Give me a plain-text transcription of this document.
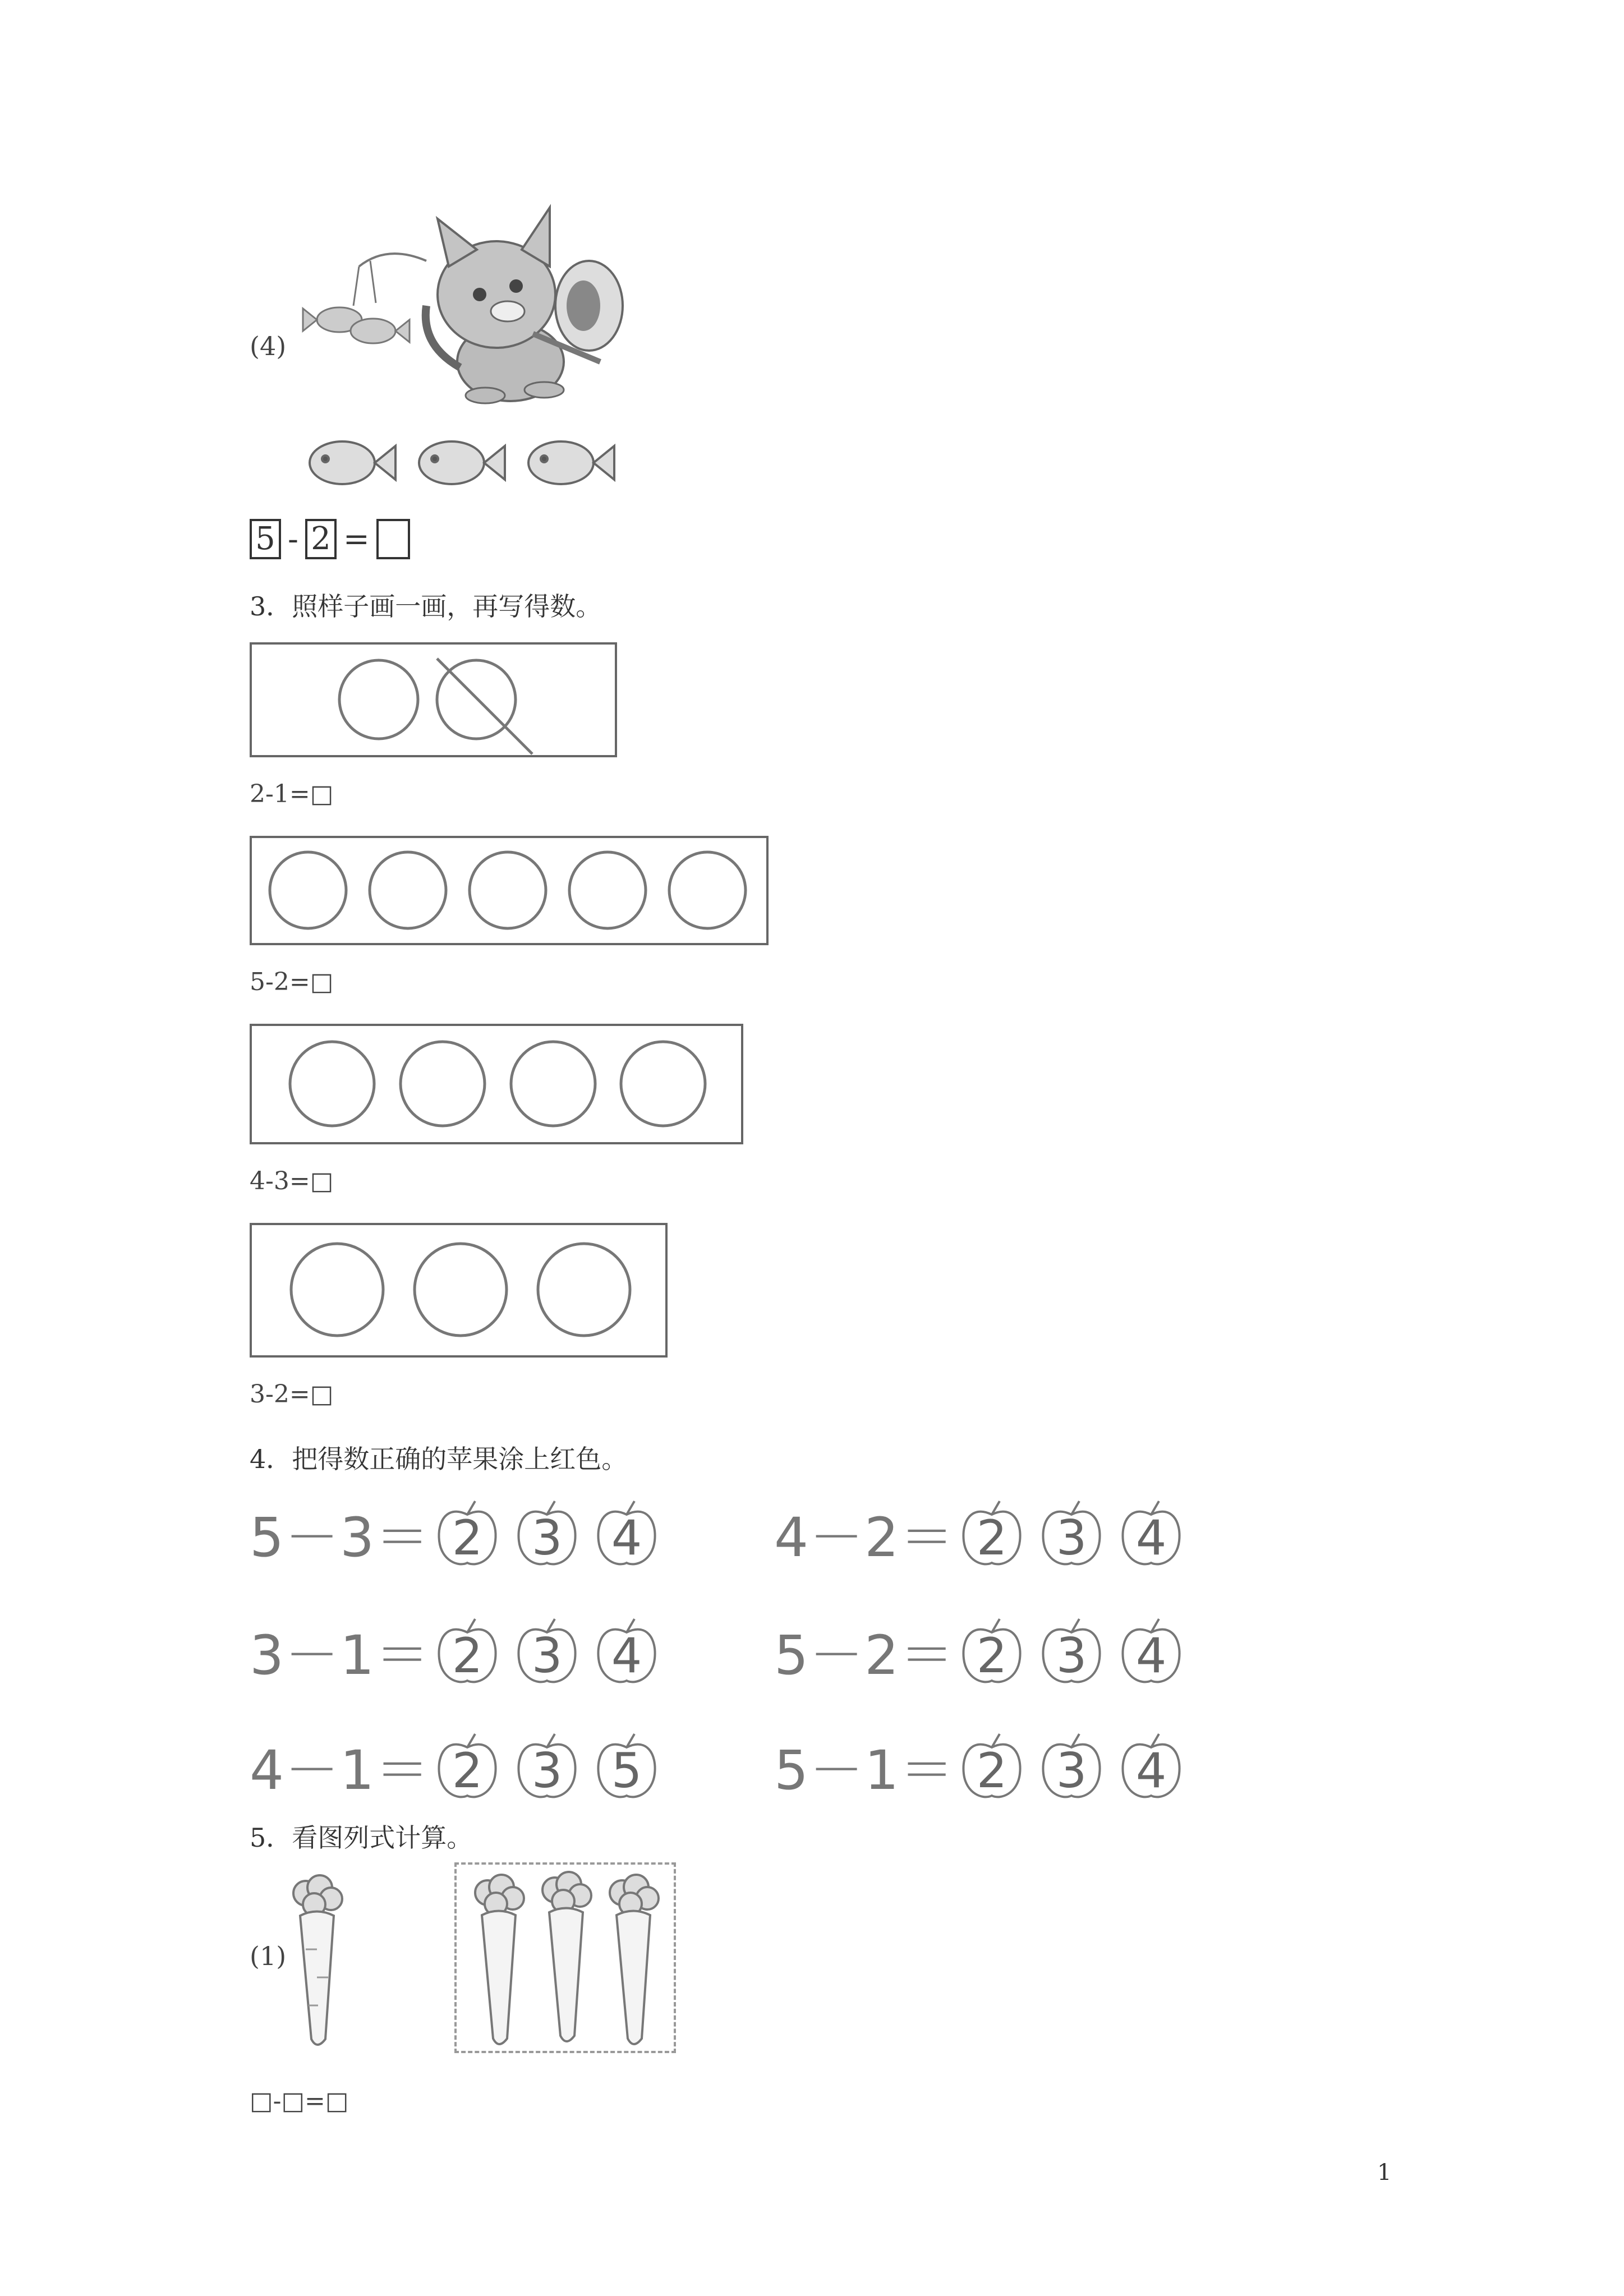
(4)
5 - 2 =
3．照样子画一画，再写得数。
2-1=□
5-2=□
4-3=□
3-2=□
4．把得数正确的苹果涂上红色。
5－3＝ 2	3	4 4－2＝ 2	3	4
3－1＝ 2	3	4 5－2＝ 2	3	4
4－1＝ 2	3	5 5－1＝ 2	3	4
5．看图列式计算。
(1)
□-□=□
1
